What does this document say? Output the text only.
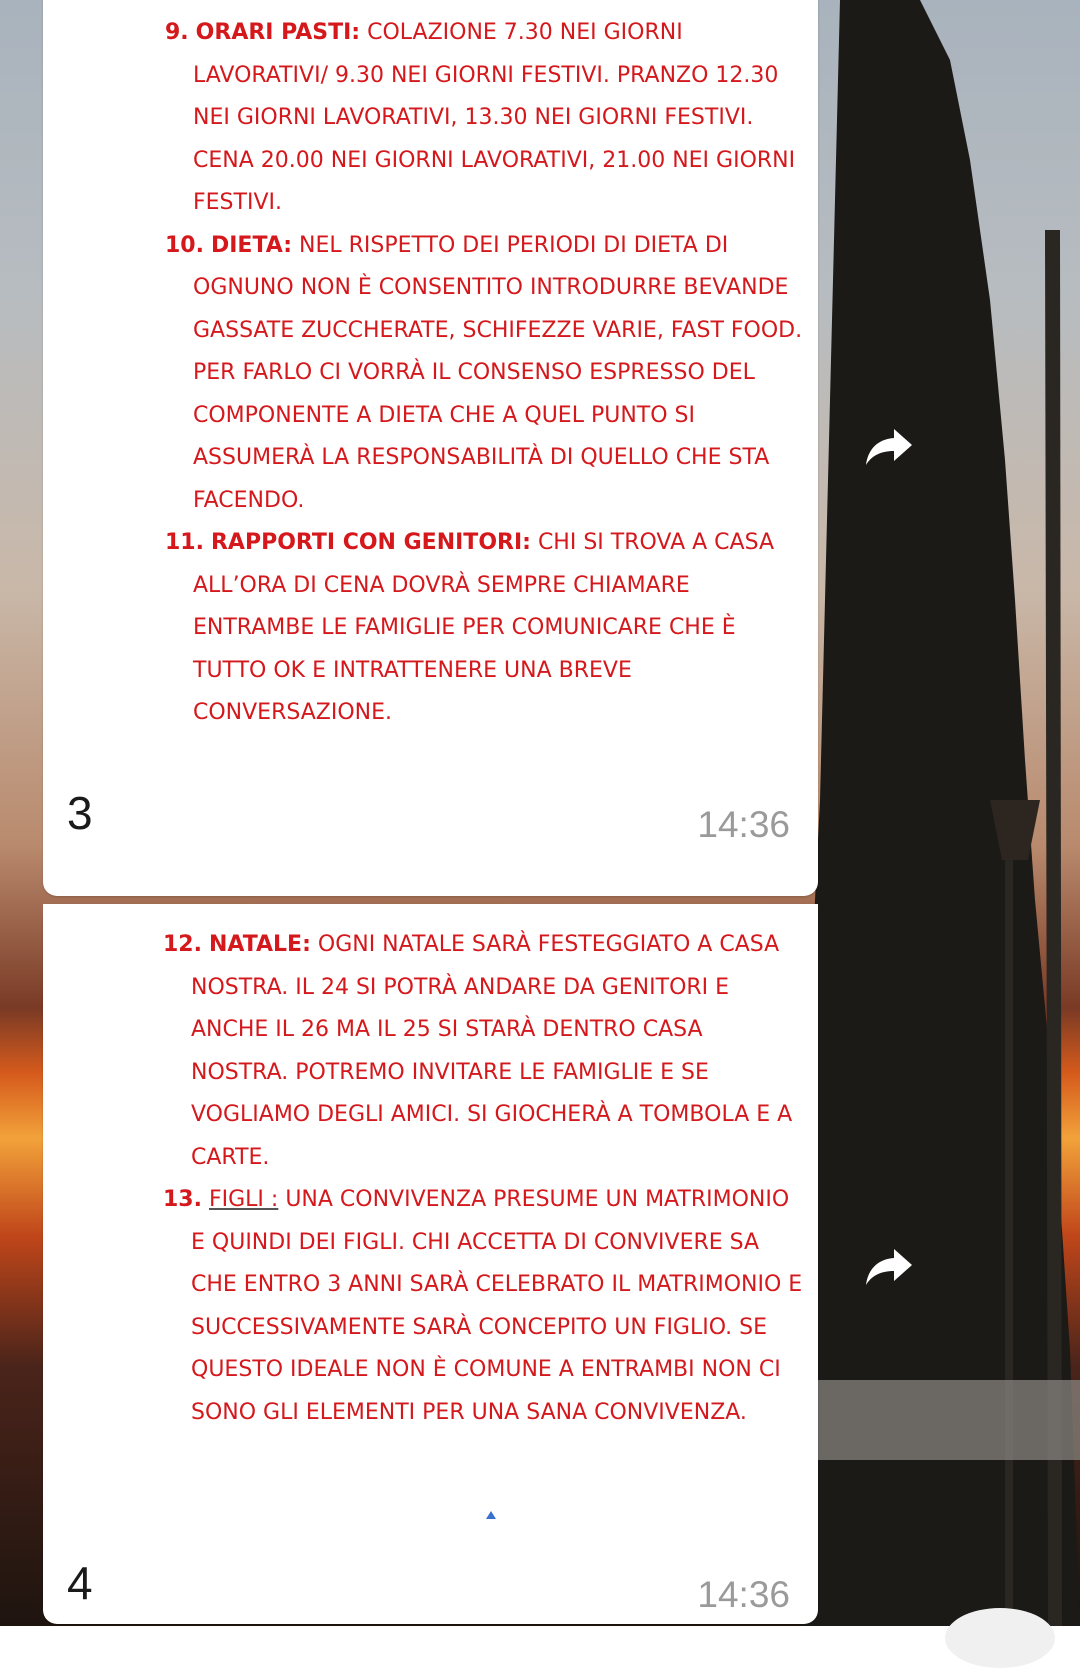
9. ORARI PASTI: COLAZIONE 7.30 NEI GIORNI LAVORATIVI/ 9.30 NEI GIORNI FESTIVI. PRANZO 12.30 NEI GIORNI LAVORATIVI, 13.30 NEI GIORNI FESTIVI. CENA 20.00 NEI GIORNI LAVORATIVI, 21.00 NEI GIORNI FESTIVI.
10. DIETA: NEL RISPETTO DEI PERIODI DI DIETA DI OGNUNO NON È CONSENTITO INTRODURRE BEVANDE GASSATE ZUCCHERATE, SCHIFEZZE VARIE, FAST FOOD. PER FARLO CI VORRÀ IL CONSENSO ESPRESSO DEL COMPONENTE A DIETA CHE A QUEL PUNTO SI ASSUMERÀ LA RESPONSABILITÀ DI QUELLO CHE STA FACENDO.
11. RAPPORTI CON GENITORI: CHI SI TROVA A CASA ALL’ORA DI CENA DOVRÀ SEMPRE CHIAMARE ENTRAMBE LE FAMIGLIE PER COMUNICARE CHE È TUTTO OK E INTRATTENERE UNA BREVE CONVERSAZIONE.
3	14:36
12. NATALE: OGNI NATALE SARÀ FESTEGGIATO A CASA NOSTRA. IL 24 SI POTRÀ ANDARE DA GENITORI E ANCHE IL 26 MA IL 25 SI STARÀ DENTRO CASA NOSTRA. POTREMO INVITARE LE FAMIGLIE E SE VOGLIAMO DEGLI AMICI. SI GIOCHERÀ A TOMBOLA E A CARTE.
13. FIGLI : UNA CONVIVENZA PRESUME UN MATRIMONIO E QUINDI DEI FIGLI. CHI ACCETTA DI CONVIVERE SA CHE ENTRO 3 ANNI SARÀ CELEBRATO IL MATRIMONIO E SUCCESSIVAMENTE SARÀ CONCEPITO UN FIGLIO. SE QUESTO IDEALE NON È COMUNE A ENTRAMBI NON CI SONO GLI ELEMENTI PER UNA SANA CONVIVENZA.
4	14:36
